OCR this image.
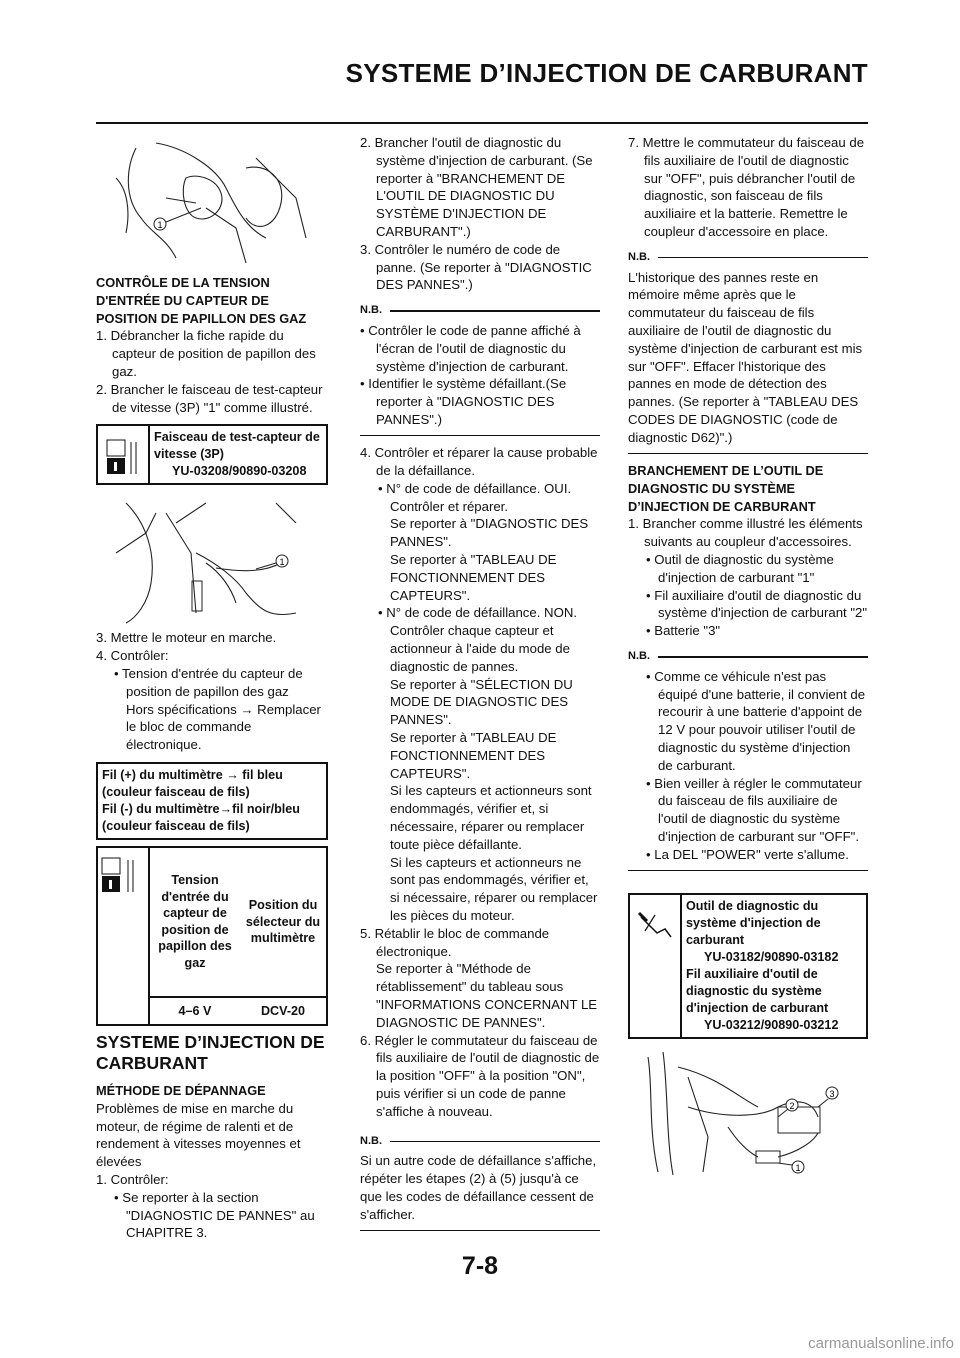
SYSTEME D’INJECTION DE CARBURANT
1

CONTRÔLE DE LA TENSION D'ENTRÉE DU CAPTEUR DE POSITION DE PAPILLON DES GAZ

1. Débrancher la fiche rapide du capteur de position de papillon des gaz.

2. Brancher le faisceau de test-capteur de vitesse (3P) "1" comme illustré.

Faisceau de test-capteur de vitesse (3P)
YU-03208/90890-03208
1

3. Mettre le moteur en marche.

4. Contrôler:

• Tension d'entrée du capteur de position de papillon des gaz

Hors spécifications → Remplacer le bloc de commande électronique.

Fil (+) du multimètre → fil bleu (couleur faisceau de fils)
Fil (-) du multimètre→fil noir/bleu (couleur faisceau de fils)
Tension d'entrée du capteur de position de papillon des gaz
Position du sélecteur du multimètre
4–6 V	DCV-20

SYSTEME D’INJECTION DE CARBURANT

MÉTHODE DE DÉPANNAGE

Problèmes de mise en marche du moteur, de régime de ralenti et de rendement à vitesses moyennes et élevées

1. Contrôler:

• Se reporter à la section "DIAGNOSTIC DE PANNES" au CHAPITRE 3.

2. Brancher l'outil de diagnostic du système d'injection de carburant. (Se reporter à "BRANCHEMENT DE L'OUTIL DE DIAGNOSTIC DU SYSTÈME D'INJECTION DE CARBURANT".)

3. Contrôler le numéro de code de panne. (Se reporter à "DIAGNOSTIC DES PANNES".)

N.B.

• Contrôler le code de panne affiché à l'écran de l'outil de diagnostic du système d'injection de carburant.

• Identifier le système défaillant.(Se reporter à "DIAGNOSTIC DES PANNES".)

4. Contrôler et réparer la cause probable de la défaillance.

• N° de code de défaillance. OUI.

Contrôler et réparer.

Se reporter à "DIAGNOSTIC DES PANNES".

Se reporter à "TABLEAU DE FONCTIONNEMENT DES CAPTEURS".

• N° de code de défaillance. NON.

Contrôler chaque capteur et actionneur à l'aide du mode de diagnostic de pannes.

Se reporter à "SÉLECTION DU MODE DE DIAGNOSTIC DES PANNES".

Se reporter à "TABLEAU DE FONCTIONNEMENT DES CAPTEURS".

Si les capteurs et actionneurs sont endommagés, vérifier et, si nécessaire, réparer ou remplacer toute pièce défaillante.

Si les capteurs et actionneurs ne sont pas endommagés, vérifier et, si nécessaire, réparer ou remplacer les pièces du moteur.

5. Rétablir le bloc de commande électronique.

Se reporter à "Méthode de rétablissement" du tableau sous "INFORMATIONS CONCERNANT LE DIAGNOSTIC DE PANNES".

6. Régler le commutateur du faisceau de fils auxiliaire de l'outil de diagnostic de la position "OFF" à la position "ON", puis vérifier si un code de panne s'affiche à nouveau.

N.B.

Si un autre code de défaillance s'affiche, répéter les étapes (2) à (5) jusqu'à ce que les codes de défaillance cessent de s'afficher.

7. Mettre le commutateur du faisceau de fils auxiliaire de l'outil de diagnostic sur "OFF", puis débrancher l'outil de diagnostic, son faisceau de fils auxiliaire et la batterie. Remettre le coupleur d'accessoire en place.

N.B.

L'historique des pannes reste en mémoire même après que le commutateur du faisceau de fils auxiliaire de l'outil de diagnostic du système d'injection de carburant est mis sur "OFF". Effacer l'historique des pannes en mode de détection des pannes. (Se reporter à "TABLEAU DES CODES DE DIAGNOSTIC (code de diagnostic D62)".)

BRANCHEMENT DE L’OUTIL DE DIAGNOSTIC DU SYSTÈME D’INJECTION DE CARBURANT

1. Brancher comme illustré les éléments suivants au coupleur d'accessoires.

• Outil de diagnostic du système d'injection de carburant "1"

• Fil auxiliaire d'outil de diagnostic du système d'injection de carburant "2"

• Batterie "3"

N.B.

• Comme ce véhicule n'est pas équipé d'une batterie, il convient de recourir à une batterie d'appoint de 12 V pour pouvoir utiliser l'outil de diagnostic du système d'injection de carburant.

• Bien veiller à régler le commutateur du faisceau de fils auxiliaire de l'outil de diagnostic du système d'injection de carburant sur "OFF".

• La DEL "POWER" verte s'allume.

Outil de diagnostic du système d'injection de carburant
YU-03182/90890-03182
Fil auxiliaire d'outil de diagnostic du système d'injection de carburant
YU-03212/90890-03212
1
2
3
7-8
carmanualsonline.info
